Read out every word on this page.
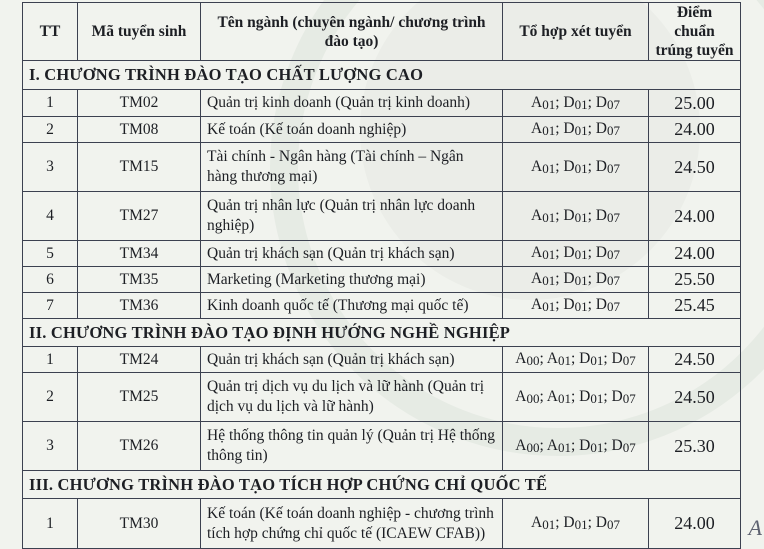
TT	Mã tuyển sinh	Tên ngành (chuyên ngành/ chương trình đào tạo)	Tổ hợp xét tuyển	Điểm chuẩn trúng tuyển
I. CHƯƠNG TRÌNH ĐÀO TẠO CHẤT LƯỢNG CAO				
1	TM02	Quản trị kinh doanh (Quản trị kinh doanh)	A01; D01; D07	25.00
2	TM08	Kế toán (Kế toán doanh nghiệp)	A01; D01; D07	24.00
3	TM15	Tài chính - Ngân hàng (Tài chính – Ngân hàng thương mại)	A01; D01; D07	24.50
4	TM27	Quản trị nhân lực (Quản trị nhân lực doanh nghiệp)	A01; D01; D07	24.00
5	TM34	Quản trị khách sạn (Quản trị khách sạn)	A01; D01; D07	24.00
6	TM35	Marketing (Marketing thương mại)	A01; D01; D07	25.50
7	TM36	Kinh doanh quốc tế (Thương mại quốc tế)	A01; D01; D07	25.45
II. CHƯƠNG TRÌNH ĐÀO TẠO ĐỊNH HƯỚNG NGHỀ NGHIỆP				
1	TM24	Quản trị khách sạn (Quản trị khách sạn)	A00; A01; D01; D07	24.50
2	TM25	Quản trị dịch vụ du lịch và lữ hành (Quản trị dịch vụ du lịch và lữ hành)	A00; A01; D01; D07	24.50
3	TM26	Hệ thống thông tin quản lý (Quản trị Hệ thống thông tin)	A00; A01; D01; D07	25.30
III. CHƯƠNG TRÌNH ĐÀO TẠO TÍCH HỢP CHỨNG CHỈ QUỐC TẾ				
1	TM30	Kế toán (Kế toán doanh nghiệp - chương trình tích hợp chứng chỉ quốc tế (ICAEW CFAB))	A01; D01; D07	24.00 A
